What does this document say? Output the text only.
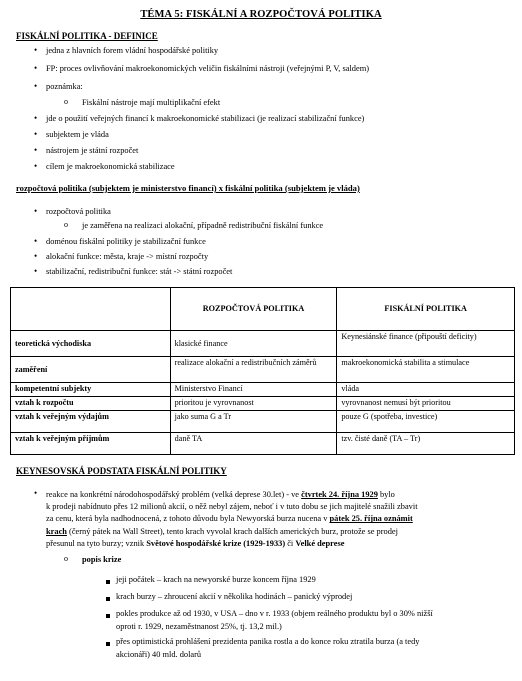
TÉMA 5: FISKÁLNÍ A ROZPOČTOVÁ POLITIKA
FISKÁLNÍ POLITIKA - DEFINICE
• jedna z hlavních forem vládní hospodářské politiky
• FP: proces ovlivňování makroekonomických veličin fiskálními nástroji (veřejnými P, V, saldem)
• poznámka:
o Fiskální nástroje mají multiplikační efekt
• jde o použití veřejných financí k makroekonomické stabilizaci (je realizací stabilizační funkce)
• subjektem je vláda
• nástrojem je státní rozpočet
• cílem je makroekonomická stabilizace
rozpočtová politika (subjektem je ministerstvo financí) x fiskální politika (subjektem je vláda)
• rozpočtová politika
o je zaměřena na realizaci alokační, případně redistribuční fiskální funkce
• doménou fiskální politiky je stabilizační funkce
• alokační funkce: města, kraje -> místní rozpočty
• stabilizační, redistribuční funkce: stát -> státní rozpočet
	ROZPOČTOVÁ POLITIKA	FISKÁLNÍ POLITIKA
teoretická východiska	klasické finance	Keynesiánské finance (připouští deficity)
zaměření	realizace alokační a redistribučních záměrů	makroekonomická stabilita a stimulace
kompetentní subjekty	Ministerstvo Financí	vláda
vztah k rozpočtu	prioritou je vyrovnanost	vyrovnanost nemusí být prioritou
vztah k veřejným výdajům	jako suma G a Tr	pouze G (spotřeba, investice)
vztah k veřejným příjmům	daně TA	tzv. čisté daně (TA – Tr)
KEYNESOVSKÁ PODSTATA FISKÁLNÍ POLITIKY
• reakce na konkrétní národohospodářský problém (velká deprese 30.let) - ve čtvrtek 24. října 1929 bylo
k prodeji nabídnuto přes 12 milionů akcií, o něž nebyl zájem, neboť i v tuto dobu se jich majitelé snažili zbavit
za cenu, která byla nadhodnocená, z tohoto důvodu byla Newyorská burza nucena v pátek 25. října oznámit
krach (černý pátek na Wall Street), tento krach vyvolal krach dalších amerických burz, protože se prodej
přesunul na tyto burzy; vznik Světové hospodářské krize (1929-1933) či Velké deprese
o popis krize
jeji počátek – krach na newyorské burze koncem října 1929
krach burzy – zhroucení akcií v několika hodinách – panický výprodej
pokles produkce až od 1930, v USA – dno v r. 1933 (objem reálného produktu byl o 30% nižší
oproti r. 1929, nezaměstnanost 25%, tj. 13,2 mil.)
přes optimistická prohlášení prezidenta panika rostla a do konce roku ztratila burza (a tedy
akcionáři) 40 mld. dolarů
